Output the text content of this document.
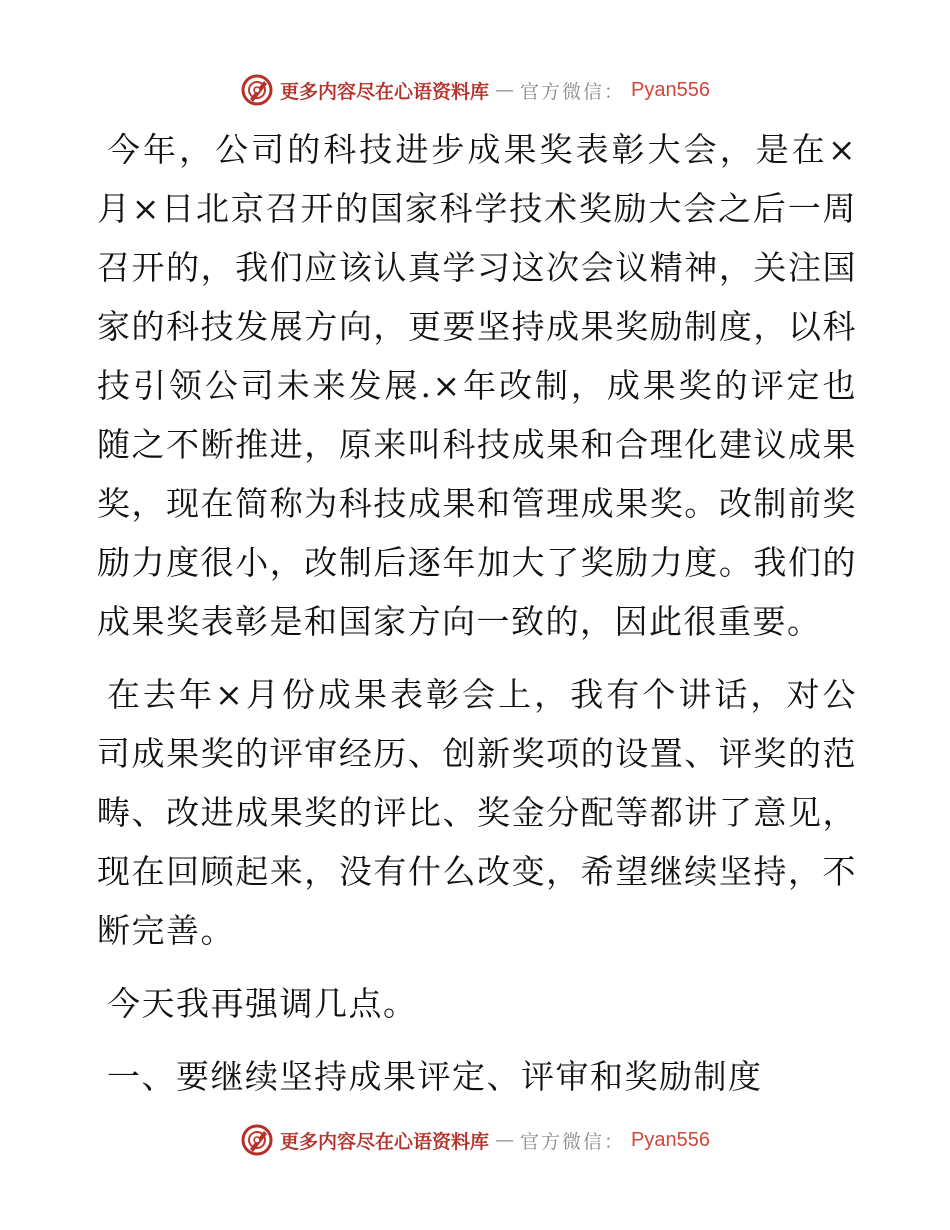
更多内容尽在心语资料库 — 官方微信： Pyan556

今年，公司的科技进步成果奖表彰大会，是在×月×日北京召开的国家科学技术奖励大会之后一周召开的，我们应该认真学习这次会议精神，关注国家的科技发展方向，更要坚持成果奖励制度，以科技引领公司未来发展.×年改制，成果奖的评定也随之不断推进，原来叫科技成果和合理化建议成果奖，现在简称为科技成果和管理成果奖。改制前奖励力度很小，改制后逐年加大了奖励力度。我们的成果奖表彰是和国家方向一致的，因此很重要。

在去年×月份成果表彰会上，我有个讲话，对公司成果奖的评审经历、创新奖项的设置、评奖的范畴、改进成果奖的评比、奖金分配等都讲了意见，现在回顾起来，没有什么改变，希望继续坚持，不断完善。

今天我再强调几点。

一、要继续坚持成果评定、评审和奖励制度

更多内容尽在心语资料库 — 官方微信： Pyan556
